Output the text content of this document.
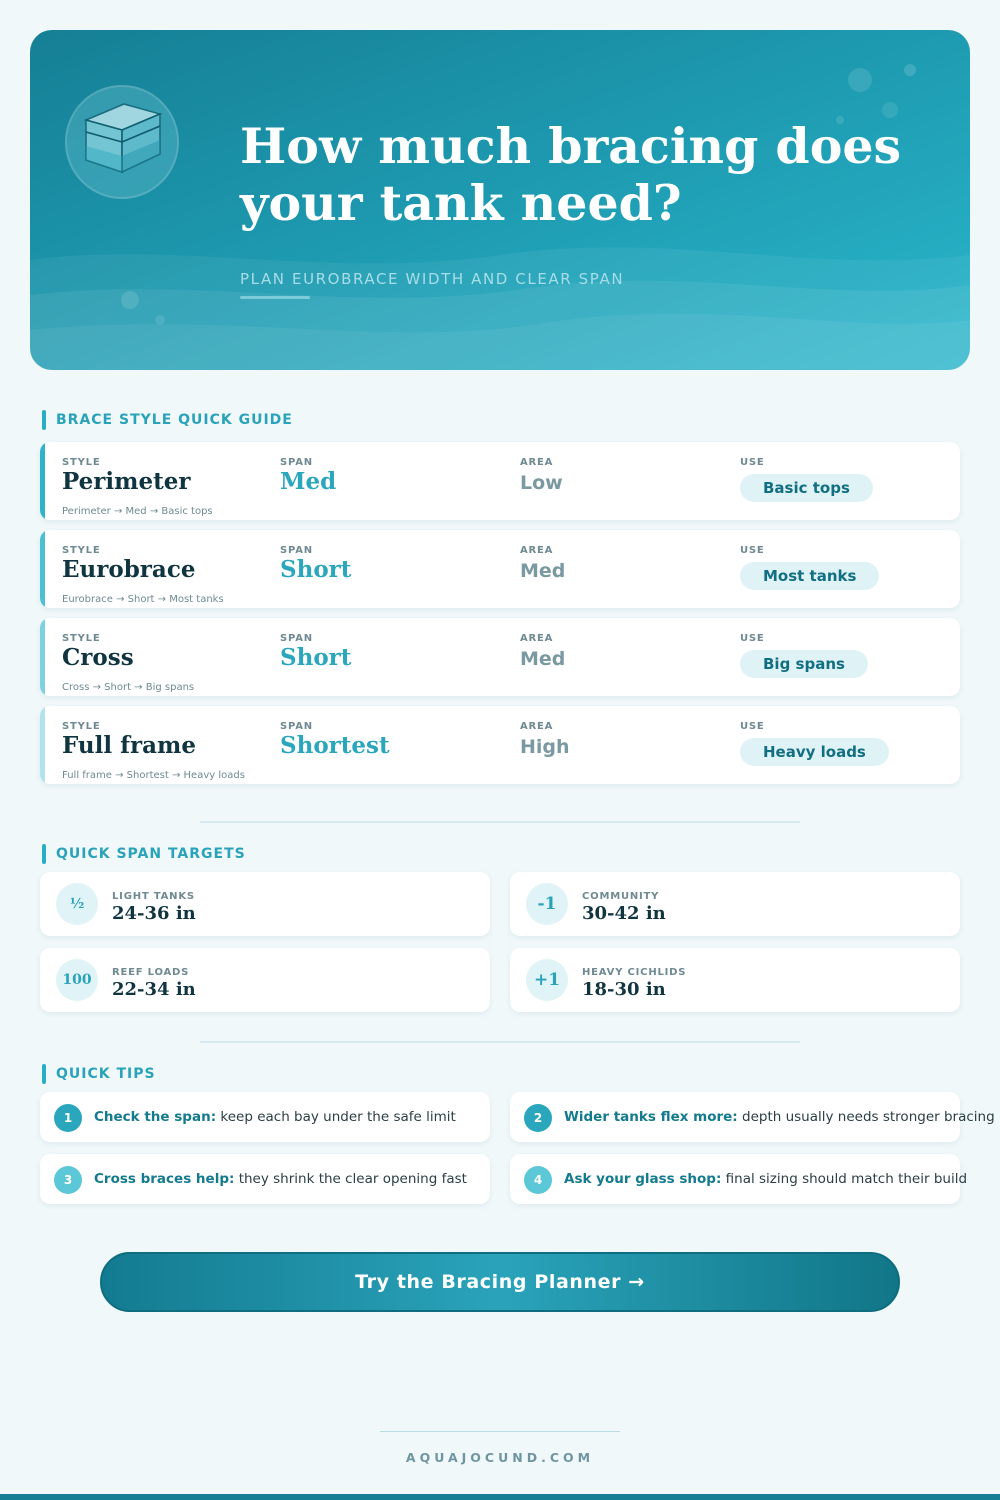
How much bracing does your tank need?
PLAN EUROBRACE WIDTH AND CLEAR SPAN
BRACE STYLE QUICK GUIDE
STYLE	SPAN	AREA	USE
Perimeter	Med	Low	Basic tops
Perimeter → Med → Basic tops
STYLE	SPAN	AREA	USE
Eurobrace	Short	Med	Most tanks
Eurobrace → Short → Most tanks
STYLE	SPAN	AREA	USE
Cross	Short	Med	Big spans
Cross → Short → Big spans
STYLE	SPAN	AREA	USE
Full frame	Shortest	High	Heavy loads
Full frame → Shortest → Heavy loads
QUICK SPAN TARGETS
½	LIGHT TANKS
24-36 in	-1	COMMUNITY
30-42 in
100	REEF LOADS
22-34 in	+1	HEAVY CICHLIDS
18-30 in
QUICK TIPS
1	Check the span: keep each bay under the safe limit	2	Wider tanks flex more: depth usually needs stronger bracing
3	Cross braces help: they shrink the clear opening fast	4	Ask your glass shop: final sizing should match their build
Try the Bracing Planner →
AQUAJOCUND.COM
